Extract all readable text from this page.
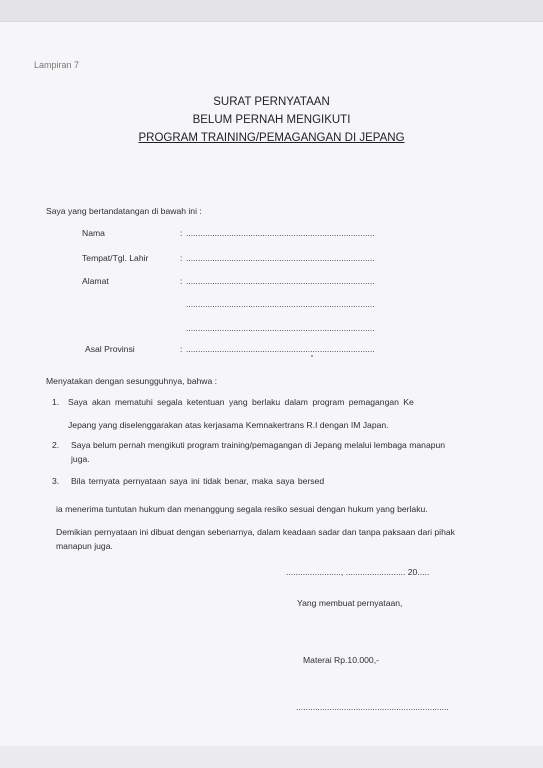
Lampiran 7
SURAT PERNYATAAN
BELUM PERNAH MENGIKUTI
PROGRAM TRAINING/PEMAGANGAN DI JEPANG
Saya yang bertandatangan di bawah ini :
Nama	: ...............................................................................
Tempat/Tgl. Lahir	: ...............................................................................
Alamat	: ...............................................................................
...............................................................................
...............................................................................
Asal Provinsi	: ...............................................................................
Menyatakan dengan sesungguhnya, bahwa :
1. Saya akan mematuhi segala ketentuan yang berlaku dalam program pemagangan Ke
Jepang yang diselenggarakan atas kerjasama Kemnakertrans R.I dengan IM Japan.
2. Saya belum pernah mengikuti program training/pemagangan di Jepang melalui lembaga manapun
juga.
3. Bila ternyata pernyataan saya ini tidak benar, maka saya bersed
ia menerima tuntutan hukum dan menanggung segala resiko sesuai dengan hukum yang berlaku.
Demikian pernyataan ini dibuat dengan sebenarnya, dalam keadaan sadar dan tanpa paksaan dari pihak
manapun juga.
......................., ......................... 20.....
Yang membuat pernyataan,
Materai Rp.10.000,-
................................................................
